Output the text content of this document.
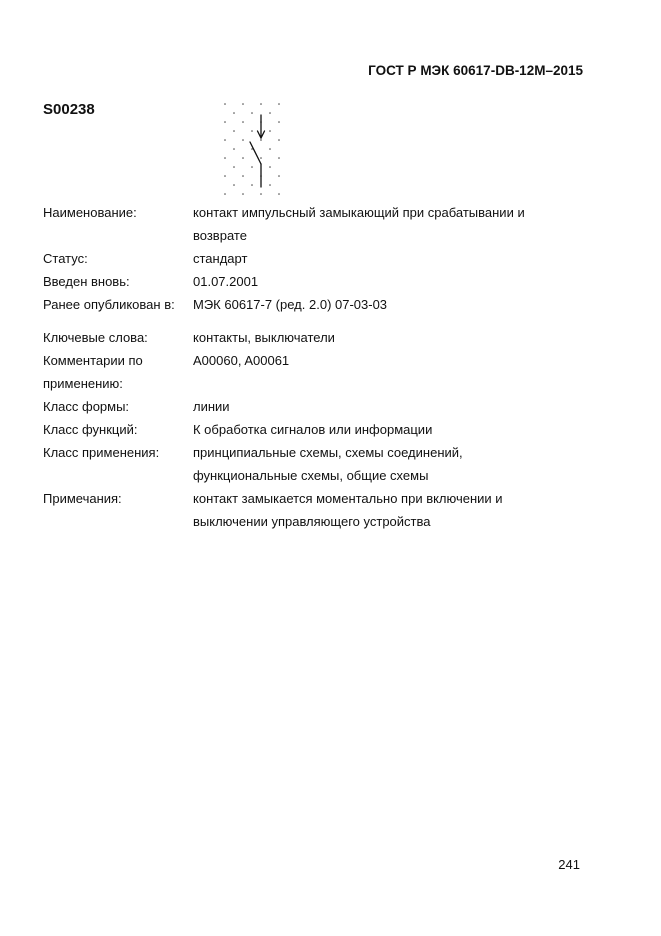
ГОСТ Р МЭК 60617-DB-12M–2015
S00238
Наименование:	контакт импульсный замыкающий при срабатывании и
возврате
Статус:	стандарт
Введен вновь:	01.07.2001
Ранее опубликован в: МЭК 60617-7 (ред. 2.0) 07-03-03
Ключевые слова:	контакты, выключатели
Комментарии по	A00060, A00061
применению:
Класс формы:	линии
Класс функций:	К обработка сигналов или информации
Класс применения:	принципиальные схемы, схемы соединений,
функциональные схемы, общие схемы
Примечания:	контакт замыкается моментально при включении и
выключении управляющего устройства
241
